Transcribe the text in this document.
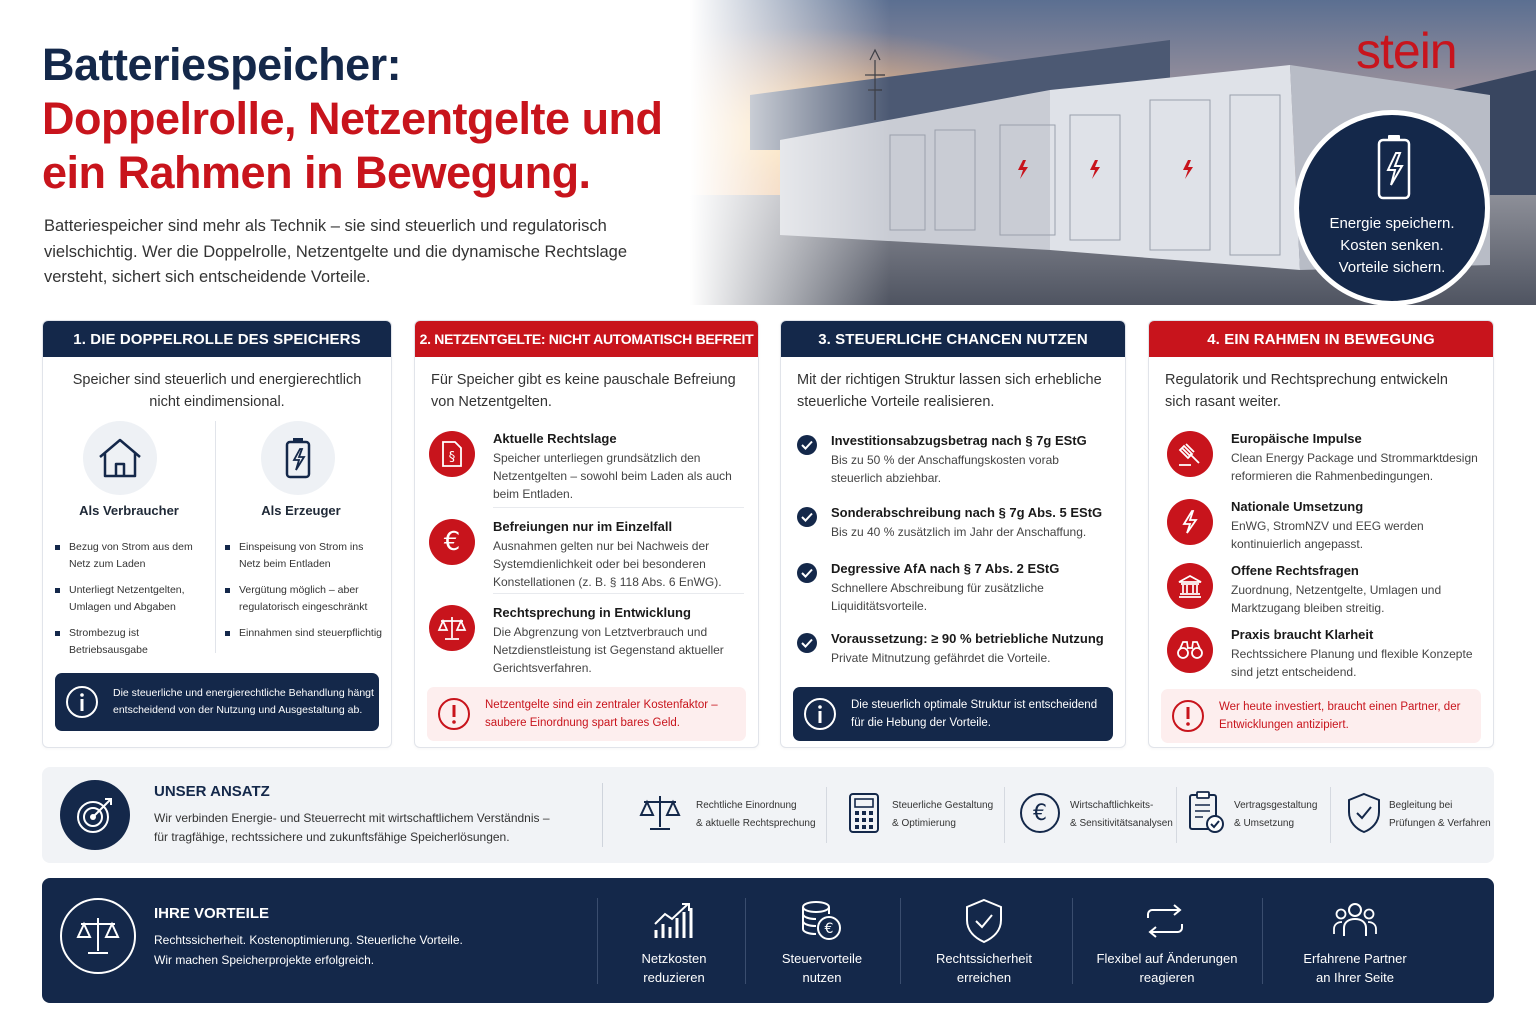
Batteriespeicher:
Doppelrolle, Netzentgelte und
ein Rahmen in Bewegung.
Batteriespeicher sind mehr als Technik – sie sind steuerlich und regulatorisch vielschichtig. Wer die Doppelrolle, Netzentgelte und die dynamische Rechtslage versteht, sichert sich entscheidende Vorteile.
stein
Energie speichern.
Kosten senken.
Vorteile sichern.
1. DIE DOPPELROLLE DES SPEICHERS
Speicher sind steuerlich und energierechtlich nicht eindimensional.
Als Verbraucher	Als Erzeuger
Bezug von Strom aus dem Netz zum Laden
Unterliegt Netzentgelten, Umlagen und Abgaben
Strombezug ist Betriebsausgabe
Einspeisung von Strom ins Netz beim Entladen
Vergütung möglich – aber regulatorisch eingeschränkt
Einnahmen sind steuerpflichtig
Die steuerliche und energierechtliche Behandlung hängt entscheidend von der Nutzung und Ausgestaltung ab.
2. NETZENTGELTE: NICHT AUTOMATISCH BEFREIT
Für Speicher gibt es keine pauschale Befreiung von Netzentgelten.
§
Aktuelle Rechtslage
Speicher unterliegen grundsätzlich den Netzentgelten – sowohl beim Laden als auch beim Entladen.
€
Befreiungen nur im Einzelfall
Ausnahmen gelten nur bei Nachweis der Systemdienlichkeit oder bei besonderen Konstellationen (z. B. § 118 Abs. 6 EnWG).
Rechtsprechung in Entwicklung
Die Abgrenzung von Letztverbrauch und Netzdienstleistung ist Gegenstand aktueller Gerichtsverfahren.
Netzentgelte sind ein zentraler Kostenfaktor – saubere Einordnung spart bares Geld.
3. STEUERLICHE CHANCEN NUTZEN
Mit der richtigen Struktur lassen sich erhebliche steuerliche Vorteile realisieren.
Investitionsabzugsbetrag nach § 7g EStG
Bis zu 50 % der Anschaffungskosten vorab steuerlich abziehbar.
Sonderabschreibung nach § 7g Abs. 5 EStG
Bis zu 40 % zusätzlich im Jahr der Anschaffung.
Degressive AfA nach § 7 Abs. 2 EStG
Schnellere Abschreibung für zusätzliche Liquiditätsvorteile.
Voraussetzung: ≥ 90 % betriebliche Nutzung
Private Mitnutzung gefährdet die Vorteile.
Die steuerlich optimale Struktur ist entscheidend für die Hebung der Vorteile.
4. EIN RAHMEN IN BEWEGUNG
Regulatorik und Rechtsprechung entwickeln sich rasant weiter.
Europäische Impulse
Clean Energy Package und Strommarktdesign reformieren die Rahmenbedingungen.
Nationale Umsetzung
EnWG, StromNZV und EEG werden kontinuierlich angepasst.
Offene Rechtsfragen
Zuordnung, Netzentgelte, Umlagen und Marktzugang bleiben streitig.
Praxis braucht Klarheit
Rechtssichere Planung und flexible Konzepte sind jetzt entscheidend.
Wer heute investiert, braucht einen Partner, der Entwicklungen antizipiert.
UNSER ANSATZ
Wir verbinden Energie- und Steuerrecht mit wirtschaftlichem Verständnis – für tragfähige, rechtssichere und zukunftsfähige Speicherlösungen.
Rechtliche Einordnung
& aktuelle Rechtsprechung
Steuerliche Gestaltung
& Optimierung	€	Wirtschaftlichkeits-
& Sensitivitätsanalysen
Vertragsgestaltung
& Umsetzung
Begleitung bei
Prüfungen & Verfahren
IHRE VORTEILE
Rechtssicherheit. Kostenoptimierung. Steuerliche Vorteile.
Wir machen Speicherprojekte erfolgreich.	Netzkosten
reduzieren
€
Steuervorteile
nutzen
Rechtssicherheit
erreichen
Flexibel auf Änderungen
reagieren
Erfahrene Partner
an Ihrer Seite
